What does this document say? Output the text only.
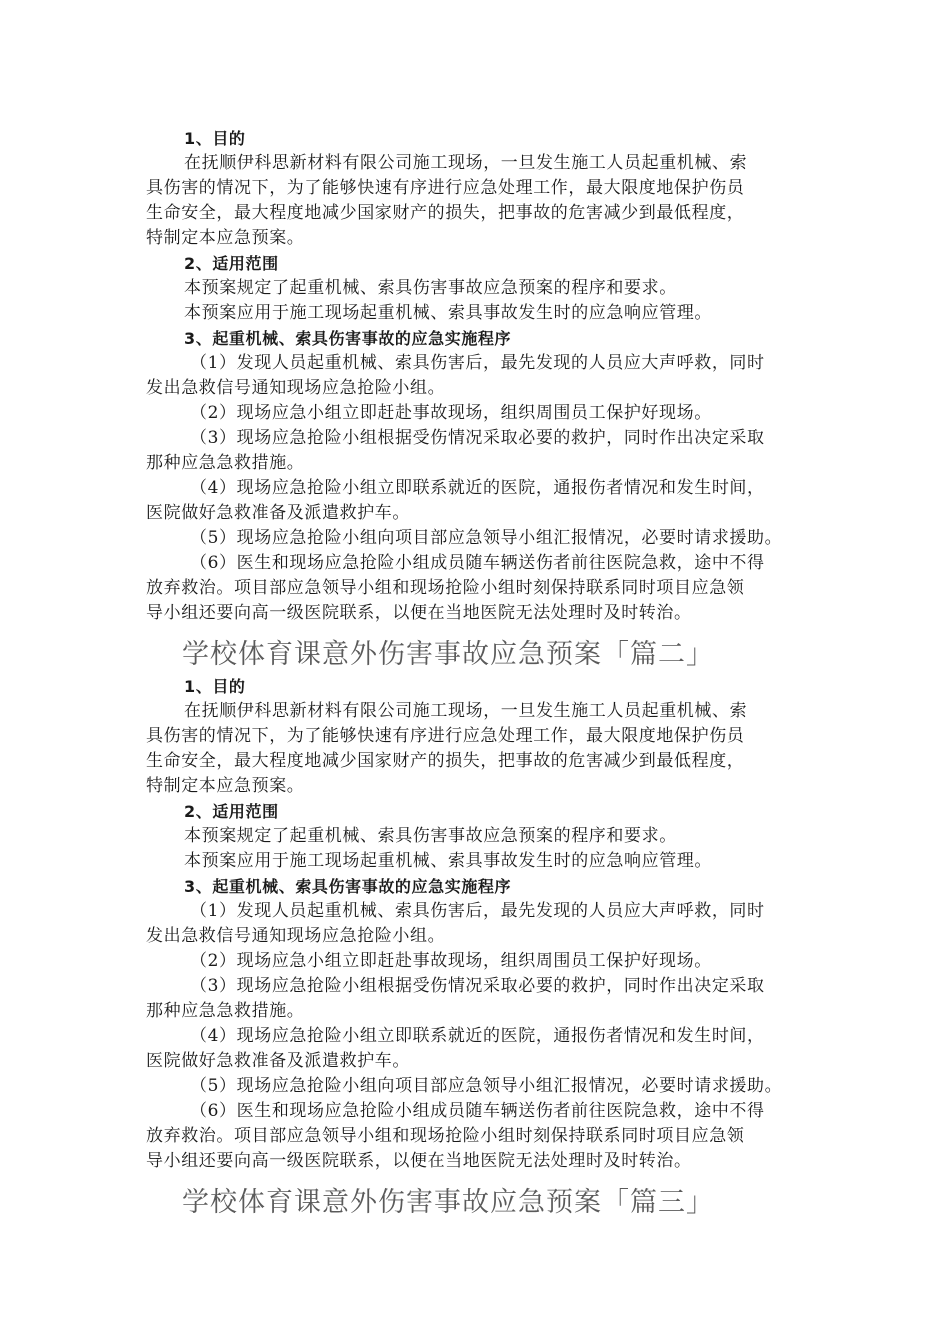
1、目的
在抚顺伊科思新材料有限公司施工现场，一旦发生施工人员起重机械、索
具伤害的情况下，为了能够快速有序进行应急处理工作，最大限度地保护伤员
生命安全，最大程度地减少国家财产的损失，把事故的危害减少到最低程度，
特制定本应急预案。
2、适用范围
本预案规定了起重机械、索具伤害事故应急预案的程序和要求。
本预案应用于施工现场起重机械、索具事故发生时的应急响应管理。
3、起重机械、索具伤害事故的应急实施程序
（1）发现人员起重机械、索具伤害后，最先发现的人员应大声呼救，同时
发出急救信号通知现场应急抢险小组。
（2）现场应急小组立即赶赴事故现场，组织周围员工保护好现场。
（3）现场应急抢险小组根据受伤情况采取必要的救护，同时作出决定采取
那种应急急救措施。
（4）现场应急抢险小组立即联系就近的医院，通报伤者情况和发生时间，
医院做好急救准备及派遣救护车。
（5）现场应急抢险小组向项目部应急领导小组汇报情况，必要时请求援助。
（6）医生和现场应急抢险小组成员随车辆送伤者前往医院急救，途中不得
放弃救治。项目部应急领导小组和现场抢险小组时刻保持联系同时项目应急领
导小组还要向高一级医院联系，以便在当地医院无法处理时及时转治。
学校体育课意外伤害事故应急预案「篇二」
1、目的
在抚顺伊科思新材料有限公司施工现场，一旦发生施工人员起重机械、索
具伤害的情况下，为了能够快速有序进行应急处理工作，最大限度地保护伤员
生命安全，最大程度地减少国家财产的损失，把事故的危害减少到最低程度，
特制定本应急预案。
2、适用范围
本预案规定了起重机械、索具伤害事故应急预案的程序和要求。
本预案应用于施工现场起重机械、索具事故发生时的应急响应管理。
3、起重机械、索具伤害事故的应急实施程序
（1）发现人员起重机械、索具伤害后，最先发现的人员应大声呼救，同时
发出急救信号通知现场应急抢险小组。
（2）现场应急小组立即赶赴事故现场，组织周围员工保护好现场。
（3）现场应急抢险小组根据受伤情况采取必要的救护，同时作出决定采取
那种应急急救措施。
（4）现场应急抢险小组立即联系就近的医院，通报伤者情况和发生时间，
医院做好急救准备及派遣救护车。
（5）现场应急抢险小组向项目部应急领导小组汇报情况，必要时请求援助。
（6）医生和现场应急抢险小组成员随车辆送伤者前往医院急救，途中不得
放弃救治。项目部应急领导小组和现场抢险小组时刻保持联系同时项目应急领
导小组还要向高一级医院联系，以便在当地医院无法处理时及时转治。
学校体育课意外伤害事故应急预案「篇三」
